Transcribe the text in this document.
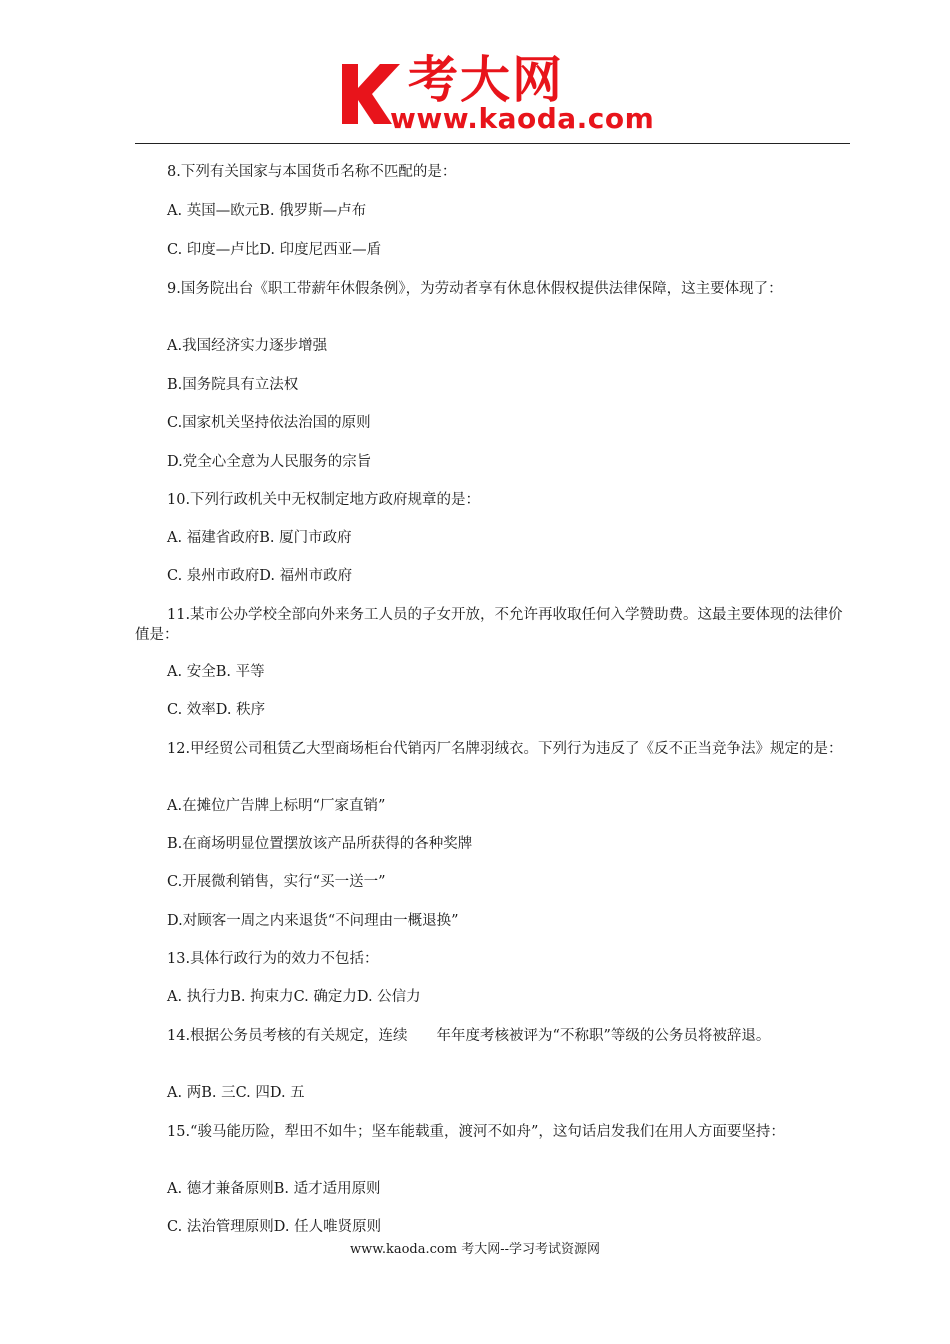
考大网
www.kaoda.com

8.下列有关国家与本国货币名称不匹配的是：

A. 英国—欧元B. 俄罗斯—卢布

C. 印度—卢比D. 印度尼西亚—盾

9.国务院出台《职工带薪年休假条例》，为劳动者享有休息休假权提供法律保障，这主要体现了：

A.我国经济实力逐步增强

B.国务院具有立法权

C.国家机关坚持依法治国的原则

D.党全心全意为人民服务的宗旨

10.下列行政机关中无权制定地方政府规章的是：

A. 福建省政府B. 厦门市政府

C. 泉州市政府D. 福州市政府

11.某市公办学校全部向外来务工人员的子女开放，不允许再收取任何入学赞助费。这最主要体现的法律价值是：

A. 安全B. 平等

C. 效率D. 秩序

12.甲经贸公司租赁乙大型商场柜台代销丙厂名牌羽绒衣。下列行为违反了《反不正当竞争法》规定的是：

A.在摊位广告牌上标明“厂家直销”

B.在商场明显位置摆放该产品所获得的各种奖牌

C.开展微利销售，实行“买一送一”

D.对顾客一周之内来退货“不问理由一概退换”

13.具体行政行为的效力不包括：

A. 执行力B. 拘束力C. 确定力D. 公信力

14.根据公务员考核的有关规定，连续　　年年度考核被评为“不称职”等级的公务员将被辞退。

A. 两B. 三C. 四D. 五

15.“骏马能历险，犁田不如牛；坚车能载重，渡河不如舟”，这句话启发我们在用人方面要坚持：

A. 德才兼备原则B. 适才适用原则

C. 法治管理原则D. 任人唯贤原则

www.kaoda.com 考大网--学习考试资源网
